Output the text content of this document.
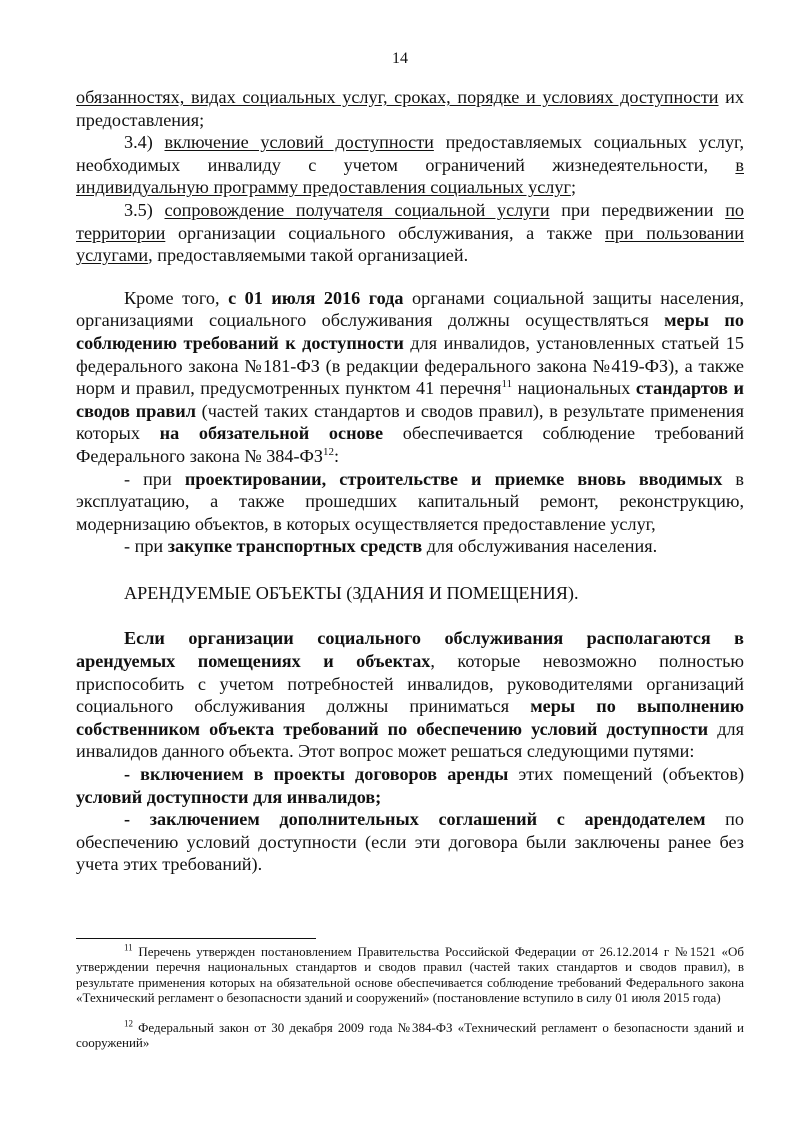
14

обязанностях, видах социальных услуг, сроках, порядке и условиях доступности их предоставления;

3.4) включение условий доступности предоставляемых социальных услуг, необходимых инвалиду с учетом ограничений жизнедеятельности, в индивидуальную программу предоставления социальных услуг;

3.5) сопровождение получателя социальной услуги при передвижении по территории организации социального обслуживания, а также при пользовании услугами, предоставляемыми такой организацией.

Кроме того, с 01 июля 2016 года органами социальной защиты населения, организациями социального обслуживания должны осуществляться меры по соблюдению требований к доступности для инвалидов, установленных статьей 15 федерального закона №181-ФЗ (в редакции федерального закона №419-ФЗ), а также норм и правил, предусмотренных пунктом 41 перечня$^{11}$ национальных стандартов и сводов правил (частей таких стандартов и сводов правил), в результате применения которых на обязательной основе обеспечивается соблюдение требований Федерального закона № 384-ФЗ$^{12}$:

- при проектировании, строительстве и приемке вновь вводимых в эксплуатацию, а также прошедших капитальный ремонт, реконструкцию, модернизацию объектов, в которых осуществляется предоставление услуг,

- при закупке транспортных средств для обслуживания населения.

АРЕНДУЕМЫЕ ОБЪЕКТЫ (ЗДАНИЯ И ПОМЕЩЕНИЯ).

Если организации социального обслуживания располагаются в арендуемых помещениях и объектах, которые невозможно полностью приспособить с учетом потребностей инвалидов, руководителями организаций социального обслуживания должны приниматься меры по выполнению собственником объекта требований по обеспечению условий доступности для инвалидов данного объекта. Этот вопрос может решаться следующими путями:

- включением в проекты договоров аренды этих помещений (объектов) условий доступности для инвалидов;

- заключением дополнительных соглашений с арендодателем по обеспечению условий доступности (если эти договора были заключены ранее без учета этих требований).

$^{11}$ Перечень утвержден постановлением Правительства Российской Федерации от 26.12.2014 г №1521 «Об утверждении перечня национальных стандартов и сводов правил (частей таких стандартов и сводов правил), в результате применения которых на обязательной основе обеспечивается соблюдение требований Федерального закона «Технический регламент о безопасности зданий и сооружений» (постановление вступило в силу 01 июля 2015 года)

$^{12}$ Федеральный закон от 30 декабря 2009 года №384-ФЗ «Технический регламент о безопасности зданий и сооружений»
